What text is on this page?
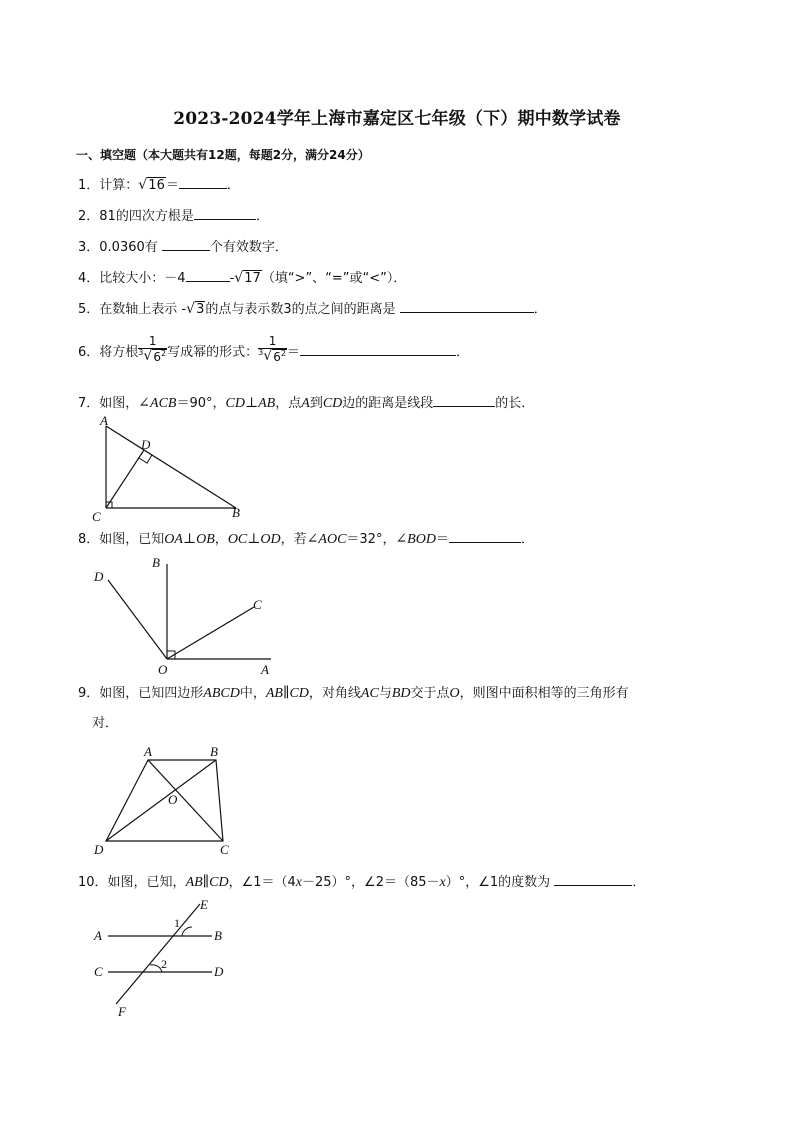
2023-2024学年上海市嘉定区七年级（下）期中数学试卷
一、填空题（本大题共有12题，每题2分，满分24分）
1．计算： √ 16＝	．
2．81的四次方根是	．
3．0.0360有	个有效数字．
4．比较大小：－4	- √ 17（填“>”、“=”或“<”）．
5．在数轴上表示 - √ 3的点与表示数3的点之间的距离是	．
6．将方根 $\frac{1}{^3 √ 6^2}$ 写成幂的形式： $\frac{1}{^3 √ 6^2}$ ＝	．
7．如图，∠ACB＝90°，CD⊥AB，点A到CD边的距离是线段	的长．
A
D
C	B
8．如图，已知OA⊥OB，OC⊥OD，若∠AOC＝32°，∠BOD＝	．
D
B
C
O	A
9．如图，已知四边形ABCD中，AB∥CD，对角线AC与BD交于点O，则图中面积相等的三角形有
对．
A	B
O
D	C
10．如图，已知，AB∥CD，∠1＝（4x－25）°，∠2＝（85－x）°，∠1的度数为	．
E
1
A	B
2
C	D
F
